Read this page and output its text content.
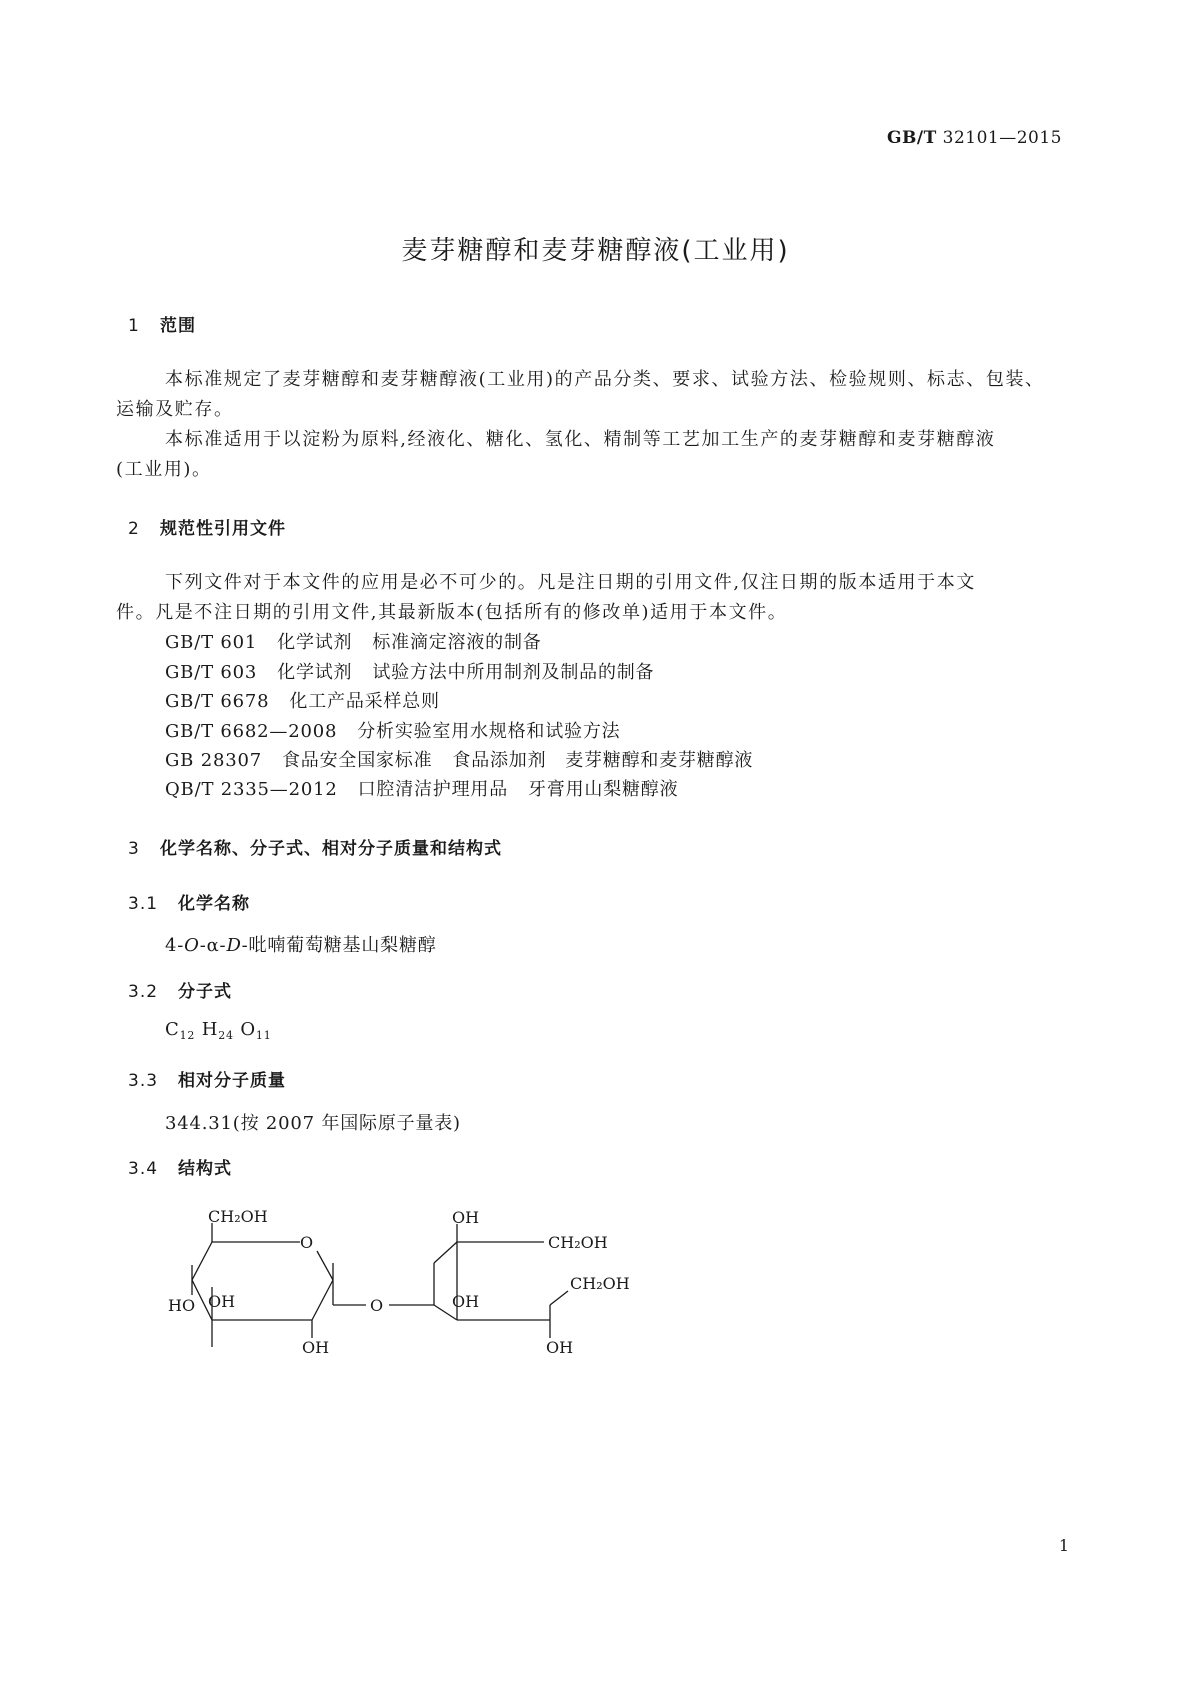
GB/T 32101—2015
麦芽糖醇和麦芽糖醇液(工业用)
1 范围
本标准规定了麦芽糖醇和麦芽糖醇液(工业用)的产品分类、要求、试验方法、检验规则、标志、包装、
运输及贮存。
本标准适用于以淀粉为原料,经液化、糖化、氢化、精制等工艺加工生产的麦芽糖醇和麦芽糖醇液
(工业用)。
2 规范性引用文件
下列文件对于本文件的应用是必不可少的。凡是注日期的引用文件,仅注日期的版本适用于本文
件。凡是不注日期的引用文件,其最新版本(包括所有的修改单)适用于本文件。
GB/T 601 化学试剂 标准滴定溶液的制备
GB/T 603 化学试剂 试验方法中所用制剂及制品的制备
GB/T 6678 化工产品采样总则
GB/T 6682—2008 分析实验室用水规格和试验方法
GB 28307 食品安全国家标准 食品添加剂　麦芽糖醇和麦芽糖醇液
QB/T 2335—2012 口腔清洁护理用品 牙膏用山梨糖醇液
3 化学名称、分子式、相对分子质量和结构式
3.1 化学名称
4-O-α-D-吡喃葡萄糖基山梨糖醇
3.2 分子式
$C_{12}$ $H_{24}$ $O_{11}$
3.3 相对分子质量
344.31(按 2007 年国际原子量表)
3.4 结构式
CH₂OH
O
HO OH
OH
O
OH
CH₂OH
OH
CH₂OH
OH
1
